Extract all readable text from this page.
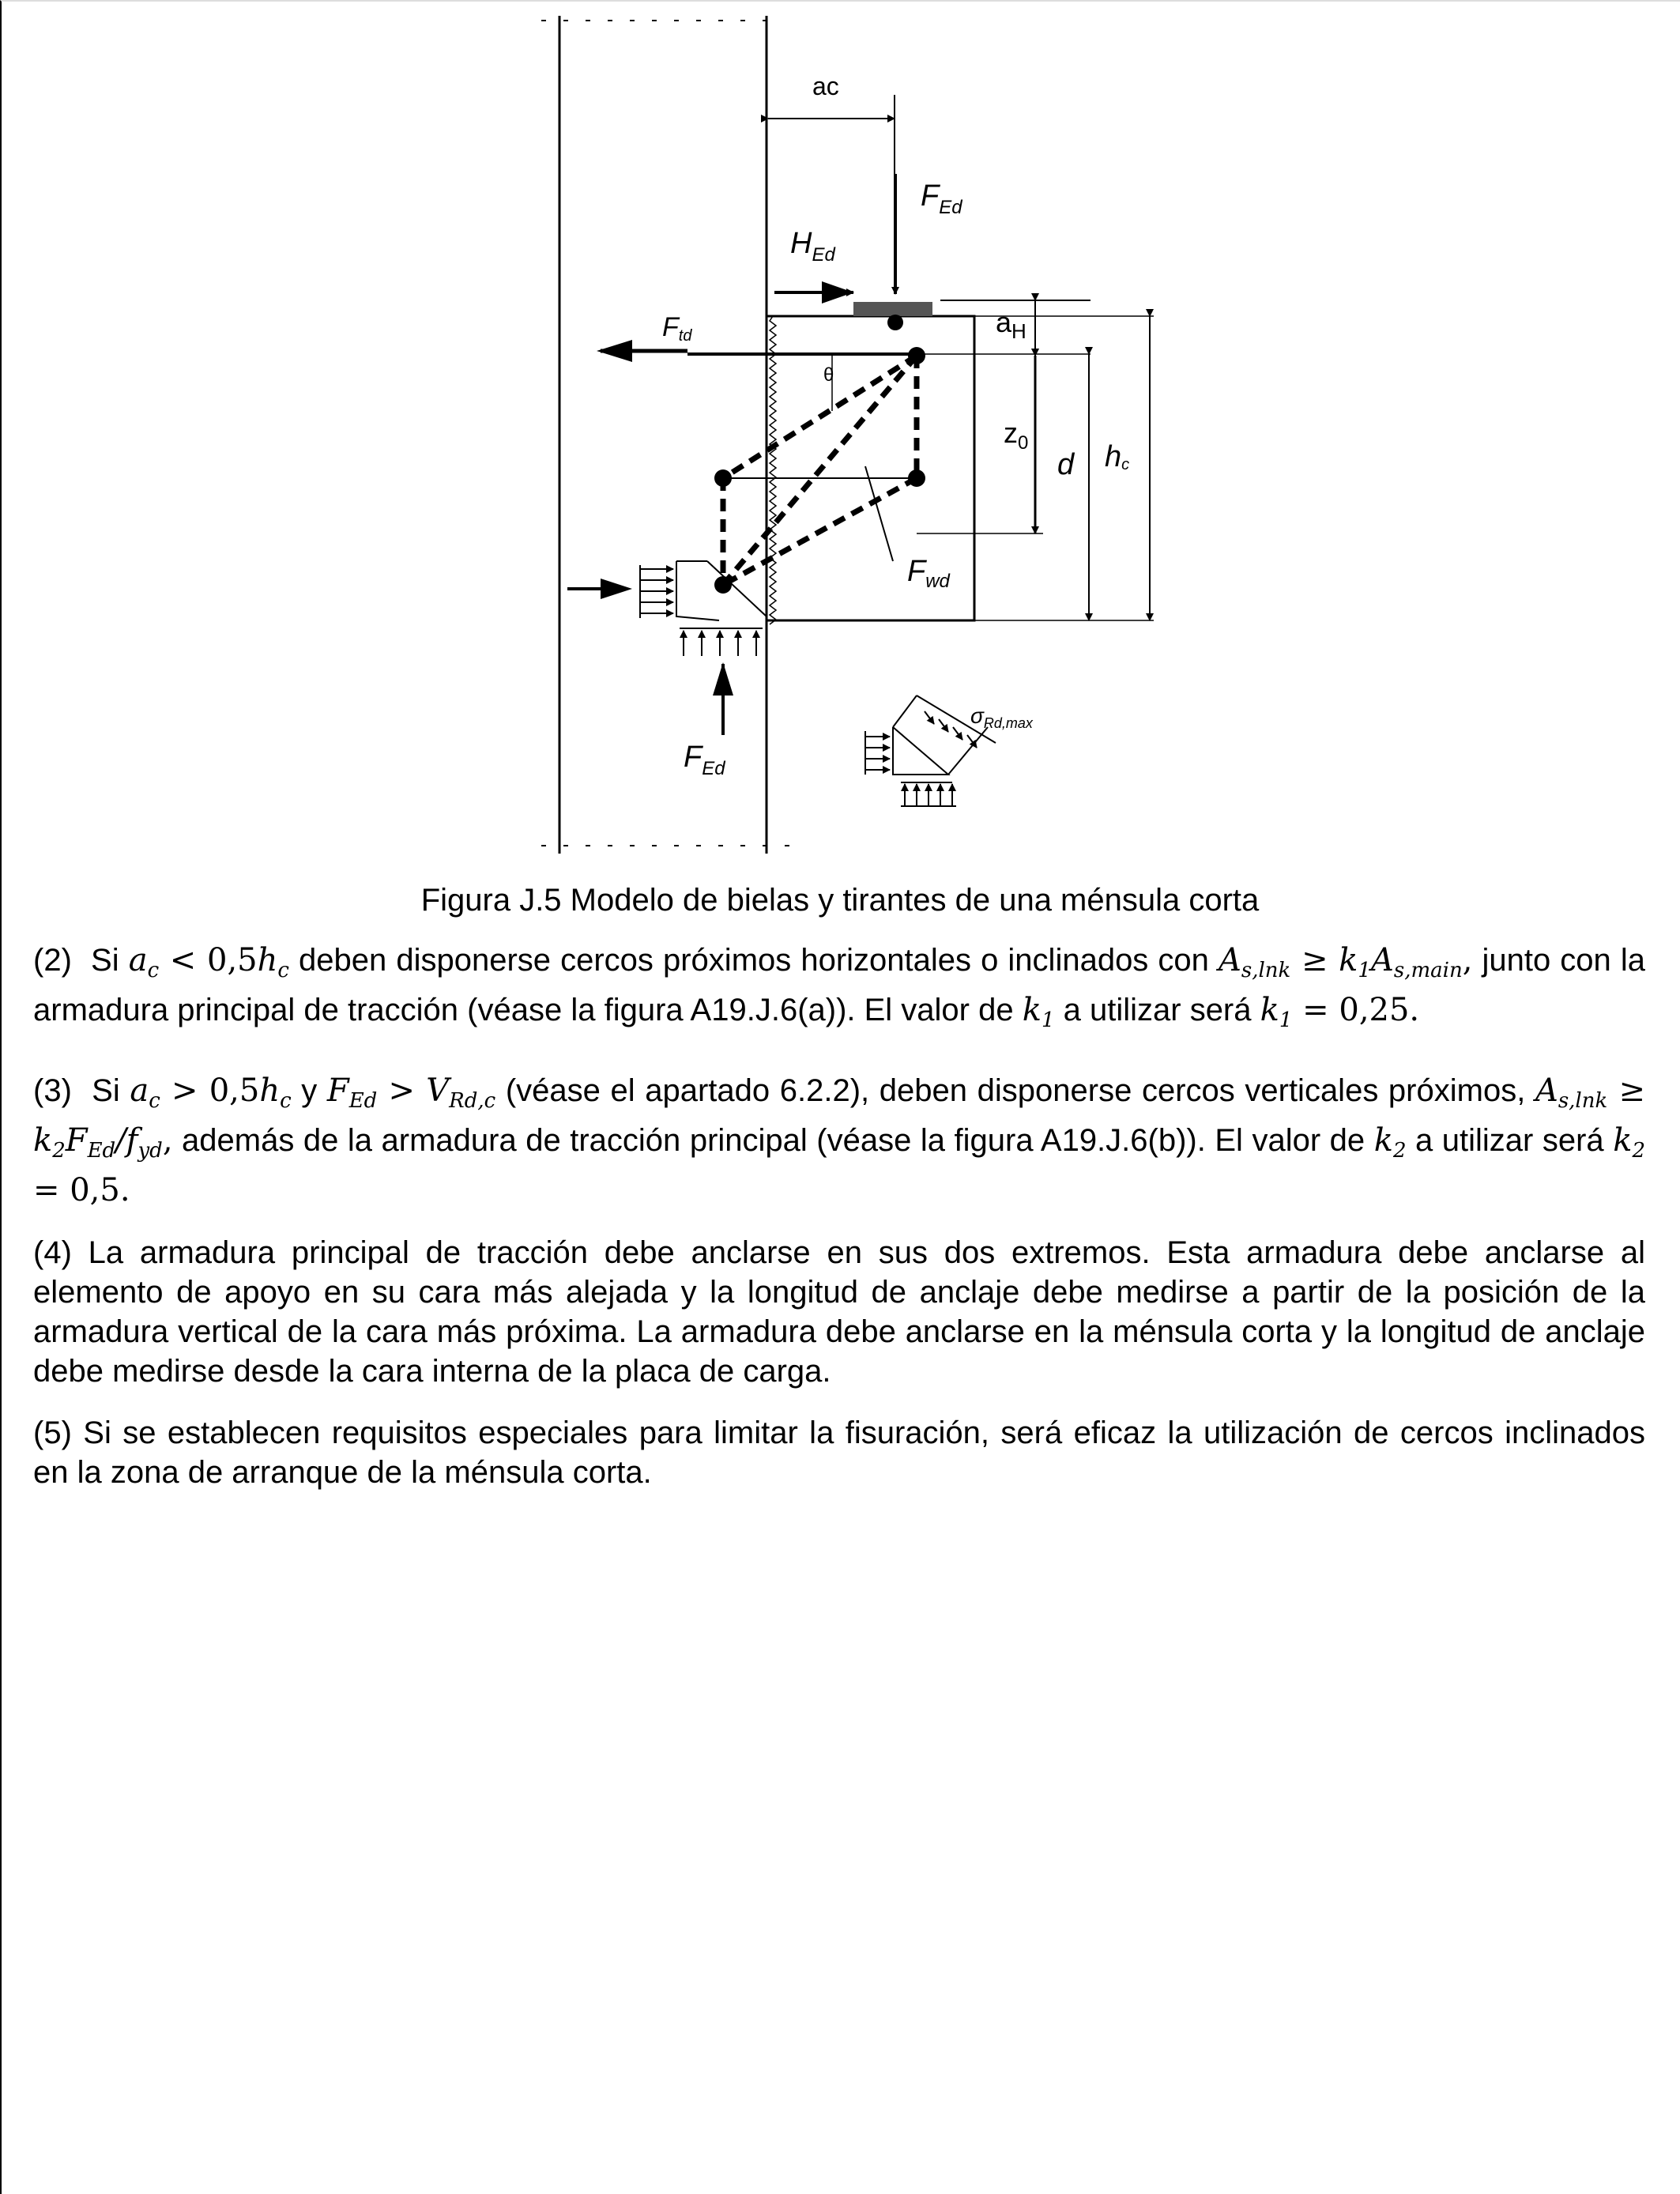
ac
$F_{Ed}$
$H_{Ed}$
Ftd	$a_H$
$z_0$
d hc
θ
$F_{wd}$
$F_{Ed}$
$\sigma_{Rd,max}$
Figura J.5 Modelo de bielas y tirantes de una ménsula corta
(2) Si $a_c < 0,5h_c$ deben disponerse cercos próximos horizontales o inclinados con $A_{s,lnk} \ge k_1A_{s,main}$, junto con la armadura principal de tracción (véase la figura A19.J.6(a)). El valor de $k_1$ a utilizar será $k_1 = 0,25$.
(3) Si $a_c > 0,5h_c$ y $F_{Ed} > V_{Rd,c}$ (véase el apartado 6.2.2), deben disponerse cercos verticales próximos, $A_{s,lnk} \ge k_2F_{Ed}/f_{yd}$, además de la armadura de tracción principal (véase la figura A19.J.6(b)). El valor de $k_2$ a utilizar será $k_2 = 0,5$.
(4) La armadura principal de tracción debe anclarse en sus dos extremos. Esta armadura debe anclarse al elemento de apoyo en su cara más alejada y la longitud de anclaje debe medirse a partir de la posición de la armadura vertical de la cara más próxima. La armadura debe anclarse en la ménsula corta y la longitud de anclaje debe medirse desde la cara interna de la placa de carga.
(5) Si se establecen requisitos especiales para limitar la fisuración, será eficaz la utilización de cercos inclinados en la zona de arranque de la ménsula corta.
